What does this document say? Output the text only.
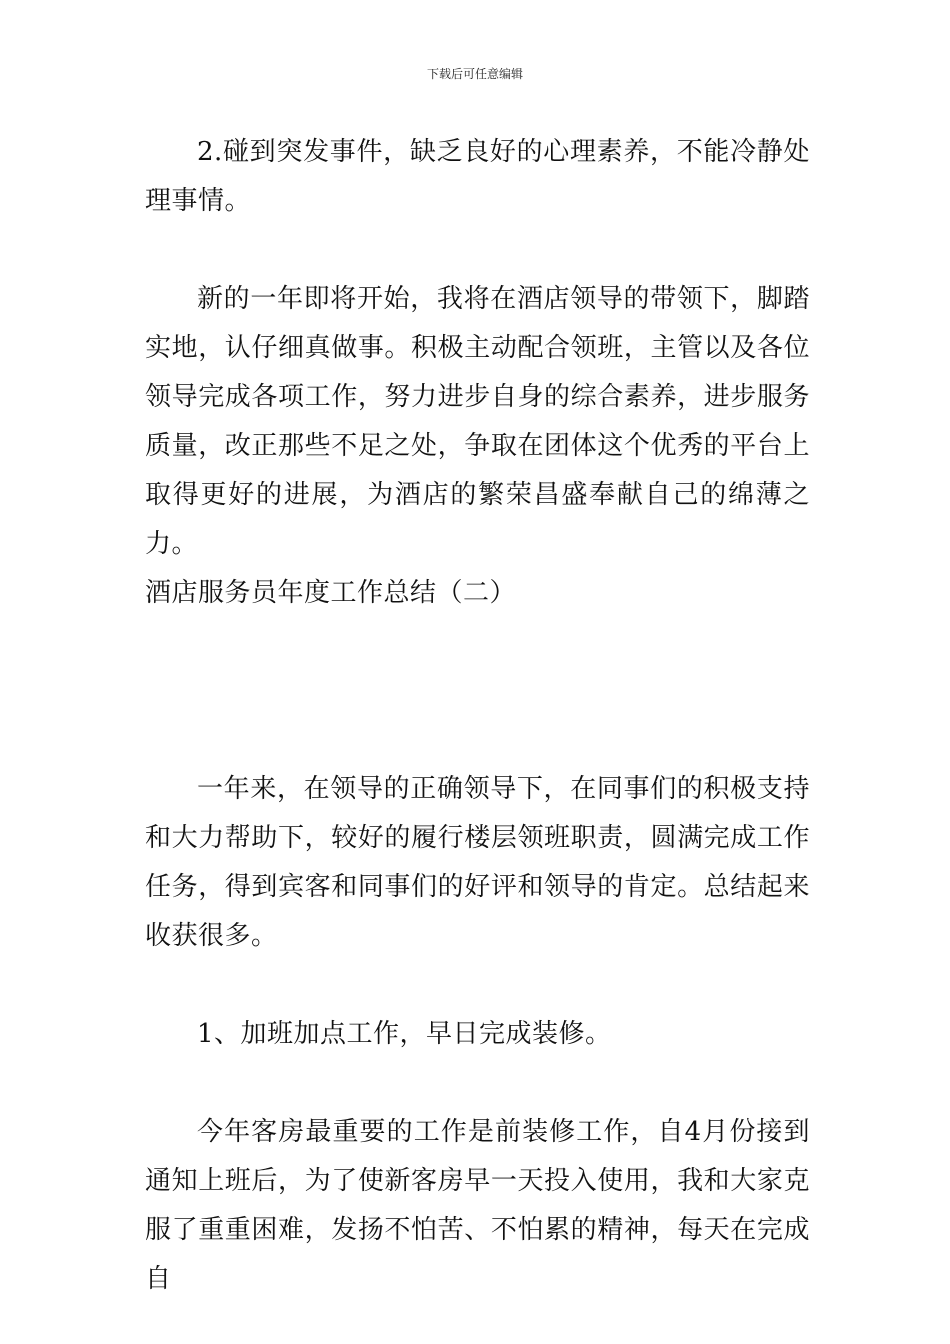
下载后可任意编辑

2.碰到突发事件，缺乏良好的心理素养，不能冷静处理事情。

新的一年即将开始，我将在酒店领导的带领下，脚踏实地，认仔细真做事。积极主动配合领班，主管以及各位领导完成各项工作，努力进步自身的综合素养，进步服务质量，改正那些不足之处，争取在团体这个优秀的平台上取得更好的进展，为酒店的繁荣昌盛奉献自己的绵薄之力。

酒店服务员年度工作总结（二）

一年来，在领导的正确领导下，在同事们的积极支持和大力帮助下，较好的履行楼层领班职责，圆满完成工作任务，得到宾客和同事们的好评和领导的肯定。总结起来收获很多。

1、加班加点工作，早日完成装修。

今年客房最重要的工作是前装修工作，自4月份接到通知上班后，为了使新客房早一天投入使用，我和大家克服了重重困难，发扬不怕苦、不怕累的精神，每天在完成自
